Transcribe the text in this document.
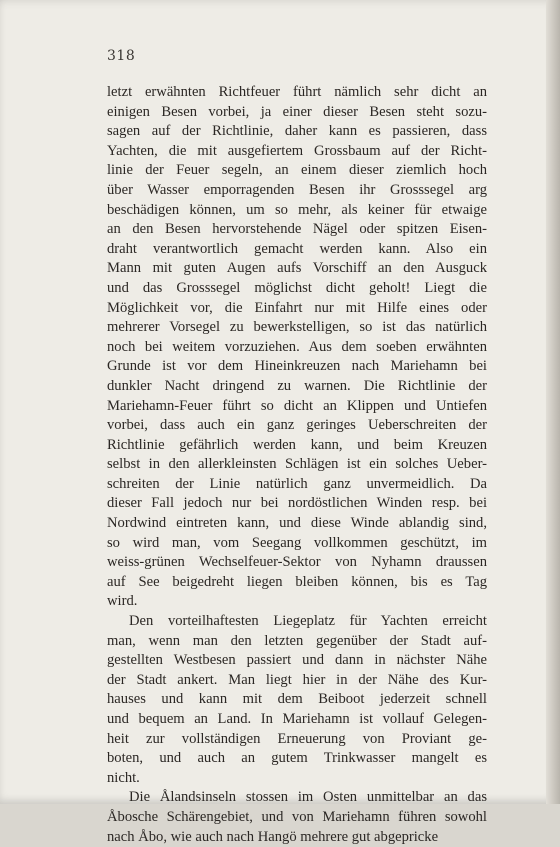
318
letzt erwähnten Richtfeuer führt nämlich sehr dicht an
einigen Besen vorbei, ja einer dieser Besen steht sozu-
sagen auf der Richtlinie, daher kann es passieren, dass
Yachten, die mit ausgefiertem Grossbaum auf der Richt-
linie der Feuer segeln, an einem dieser ziemlich hoch
über Wasser emporragenden Besen ihr Grosssegel arg
beschädigen können, um so mehr, als keiner für etwaige
an den Besen hervorstehende Nägel oder spitzen Eisen-
draht verantwortlich gemacht werden kann. Also ein
Mann mit guten Augen aufs Vorschiff an den Ausguck
und das Grosssegel möglichst dicht geholt! Liegt die
Möglichkeit vor, die Einfahrt nur mit Hilfe eines oder
mehrerer Vorsegel zu bewerkstelligen, so ist das natürlich
noch bei weitem vorzuziehen. Aus dem soeben erwähnten
Grunde ist vor dem Hineinkreuzen nach Mariehamn bei
dunkler Nacht dringend zu warnen. Die Richtlinie der
Mariehamn-Feuer führt so dicht an Klippen und Untiefen
vorbei, dass auch ein ganz geringes Ueberschreiten der
Richtlinie gefährlich werden kann, und beim Kreuzen
selbst in den allerkleinsten Schlägen ist ein solches Ueber-
schreiten der Linie natürlich ganz unvermeidlich. Da
dieser Fall jedoch nur bei nordöstlichen Winden resp. bei
Nordwind eintreten kann, und diese Winde ablandig sind,
so wird man, vom Seegang vollkommen geschützt, im
weiss-grünen Wechselfeuer-Sektor von Nyhamn draussen
auf See beigedreht liegen bleiben können, bis es Tag
wird.
Den vorteilhaftesten Liegeplatz für Yachten erreicht
man, wenn man den letzten gegenüber der Stadt auf-
gestellten Westbesen passiert und dann in nächster Nähe
der Stadt ankert. Man liegt hier in der Nähe des Kur-
hauses und kann mit dem Beiboot jederzeit schnell
und bequem an Land. In Mariehamn ist vollauf Gelegen-
heit zur vollständigen Erneuerung von Proviant ge-
boten, und auch an gutem Trinkwasser mangelt es
nicht.
Die Ålandsinseln stossen im Osten unmittelbar an das
Åbosche Schärengebiet, und von Mariehamn führen sowohl
nach Åbo, wie auch nach Hangö mehrere gut abgepricke
